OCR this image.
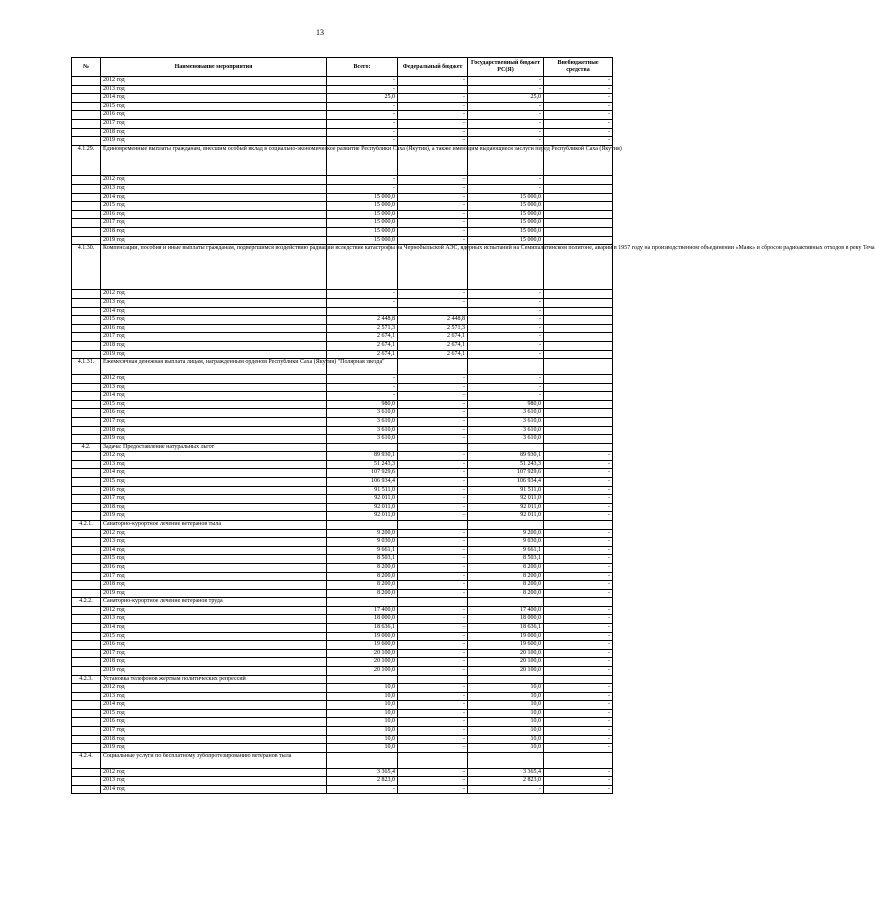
13
№	Наименование мероприятия	Всего:	Федеральный бюджет	Государственный бюджет РС(Я)	Внебюджетные средства
	2012 год	-	-	-	-
	2013 год	-		-	-
	2014 год	25,0	-	25,0	-
	2015 год	-	-	-	-
	2016 год	-	-	-	-
	2017 год	-	-	-	-
	2018 год	-	-	-	-
	2019 год	-	-	-	-
4.1.29.	Единовременные выплаты гражданам, внесшим особый вклад в социально-экономическое развитие Республики Саха (Якутия), а также имеющим выдающиеся заслуги перед Республикой Саха (Якутия)				
	2012 год	-	-	-	
	2013 год	-	-	-	
	2014 год	15 000,0	-	15 000,0	
	2015 год	15 000,0	-	15 000,0	
	2016 год	15 000,0	-	15 000,0	
	2017 год	15 000,0	-	15 000,0	
	2018 год	15 000,0	-	15 000,0	
	2019 год	15 000,0	-	15 000,0	
4.1.30.	Компенсации, пособия и иные выплаты гражданам, подвергшимся воздействию радиации вследствие катастрофы на Чернобыльской АЭС, ядерных испытаний на Семипалатинском полигоне, аварии в 1957 году на производственном объединении «Маяк» и сбросов радиоактивных отходов в реку Теча				
	2012 год	-	-	-	
	2013 год	-	-	-	
	2014 год			-	
	2015 год	2 448,8	2 448,8	-	
	2016 год	2 571,3	2 571,3	-	
	2017 год	2 674,1	2 674,1	-	
	2018 год	2 674,1	2 674,1	-	
	2019 год	2 674,1	2 674,1	-	
4.1.31.	Ежемесячная денежная выплата лицам, награжденным орденом Республики Саха (Якутия) "Полярная звезда"				
	2012 год	-	-	-	
	2013 год	-	-	-	
	2014 год	-	-	-	
	2015 год	980,0	-	980,0	
	2016 год	3 610,0	-	3 610,0	
	2017 год	3 610,0	-	3 610,0	
	2018 год	3 610,0	-	3 610,0	
	2019 год	3 610,0	-	3 610,0	
4.2.	Задача: Предоставление натуральных льгот				
	2012 год	89 930,1	-	89 930,1	-
	2013 год	51 243,3	-	51 243,3	-
	2014 год	107 929,6	-	107 929,6	-
	2015 год	106 934,4	-	106 934,4	-
	2016 год	91 511,0	-	91 511,0	-
	2017 год	92 011,0	-	92 011,0	-
	2018 год	92 011,0	-	92 011,0	-
	2019 год	92 011,0	-	92 011,0	-
4.2.1.	Санаторно-курортное лечение ветеранов тыла				
	2012 год	9 200,0	-	9 200,0	-
	2013 год	9 030,0	-	9 030,0	-
	2014 год	9 661,1	-	9 661,1	-
	2015 год	8 503,1	-	8 503,1	-
	2016 год	8 200,0	-	8 200,0	-
	2017 год	8 200,0	-	8 200,0	-
	2018 год	8 200,0	-	8 200,0	-
	2019 год	8 200,0	-	8 200,0	-
4.2.2.	Санаторно-курортное лечение ветеранов труда				
	2012 год	17 400,0	-	17 400,0	-
	2013 год	18 000,0	-	18 000,0	-
	2014 год	18 636,1	-	18 636,1	-
	2015 год	19 000,0	-	19 000,0	-
	2016 год	19 600,0	-	19 600,0	-
	2017 год	20 100,0	-	20 100,0	-
	2018 год	20 100,0	-	20 100,0	-
	2019 год	20 100,0	-	20 100,0	-
4.2.3.	Установка телефонов жертвам политических репрессий				
	2012 год	10,0	-	10,0	-
	2013 год	10,0	-	10,0	-
	2014 год	10,0	-	10,0	-
	2015 год	10,0	-	10,0	-
	2016 год	10,0	-	10,0	-
	2017 год	10,0	-	10,0	-
	2018 год	10,0	-	10,0	-
	2019 год	10,0	-	10,0	-
4.2.4.	Социальные услуги по бесплатному зубопротезированию ветеранов тыла				
	2012 год	3 365,4	-	3 365,4	-
	2013 год	2 823,0	-	2 823,0	-
	2014 год	-	-	-	-
